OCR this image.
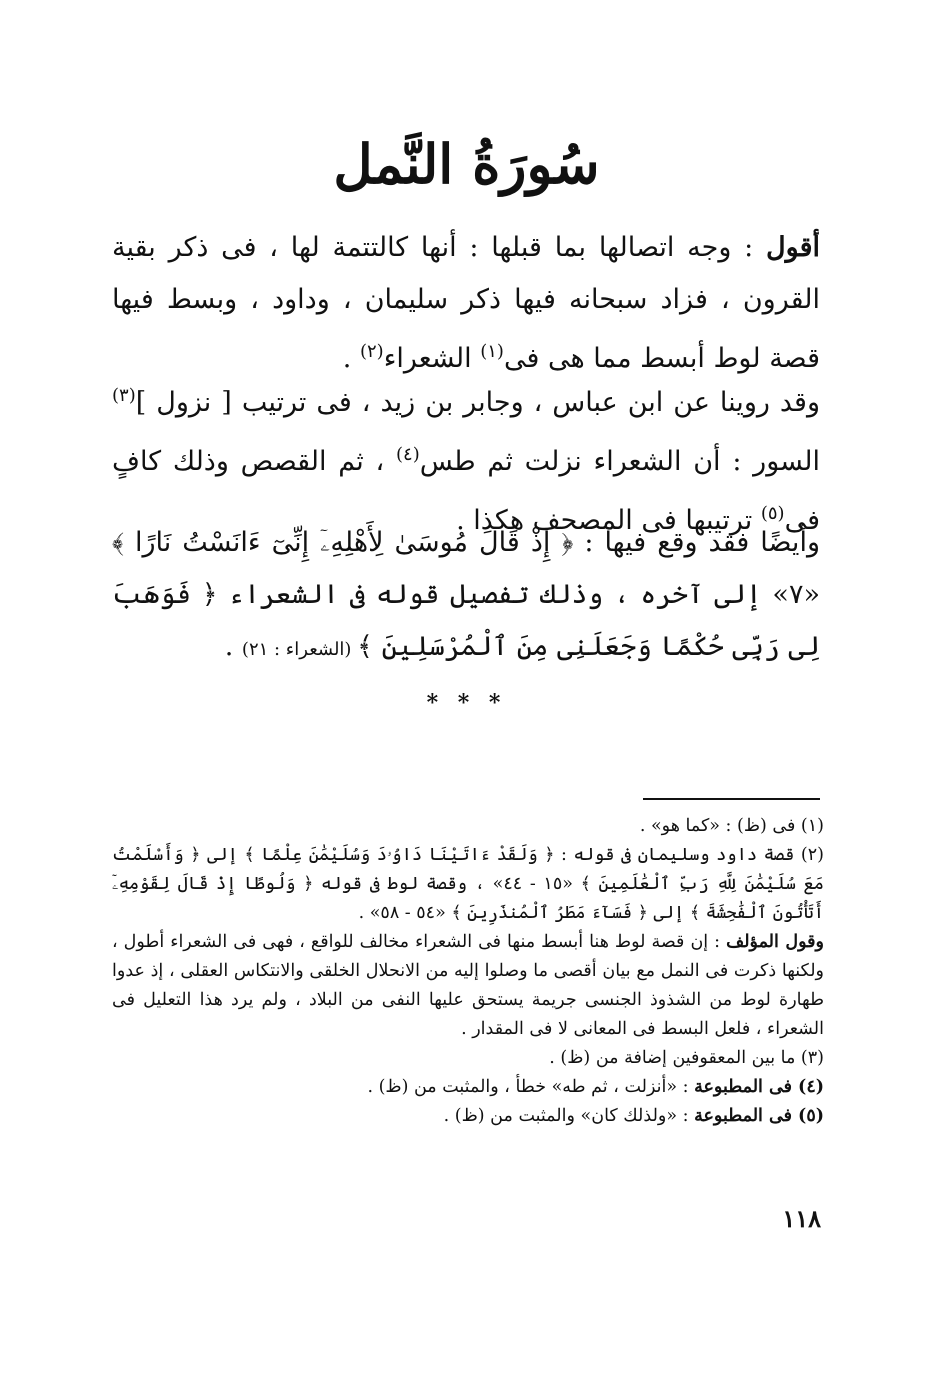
سُورَةُ النَّمل
أقول : وجه اتصالها بما قبلها : أنها كالتتمة لها ، فى ذكر بقية القرون ، فزاد سبحانه فيها ذكر سليمان ، وداود ، وبسط فيها قصة لوط أبسط مما هى فى$^{(١)}$ الشعراء$^{(٢)}$ .
وقد روينا عن ابن عباس ، وجابر بن زيد ، فى ترتيب [ نزول ]$^{(٣)}$ السور : أن الشعراء نزلت ثم طس$^{(٤)}$ ، ثم القصص وذلك كافٍ فى$^{(٥)}$ ترتيبها فى المصحف هكذا .
وأيضًا فقد وقع فيها : ﴿ إِذْ قَالَ مُوسَىٰ لِأَهْلِهِۦٓ إِنِّىٓ ءَانَسْتُ نَارًا ﴾ «٧» إلى آخره ، وذلك تفصيل قوله فى الشعراء ﴿ فَوَهَبَ لِى رَبِّى حُكْمًا وَجَعَلَنِى مِنَ ٱلْمُرْسَلِينَ ﴾ (الشعراء : ٢١) .
* * *

(١) فى (ظ) : «كما هو» .

(٢) قصة داود وسليمان فى قوله : ﴿ وَلَقَدْ ءَاتَيْنَا دَاوُۥدَ وَسُلَيْمَٰنَ عِلْمًا ﴾ إلى ﴿ وَأَسْلَمْتُ مَعَ سُلَيْمَٰنَ لِلَّهِ رَبِّ ٱلْعَٰلَمِينَ ﴾ «١٥ - ٤٤» ، وقصة لوط فى قوله ﴿ وَلُوطًا إِذْ قَالَ لِقَوْمِهِۦٓ أَتَأْتُونَ ٱلْفَٰحِشَةَ ﴾ إلى ﴿ فَسَآءَ مَطَرُ ٱلْمُنذَرِينَ ﴾ «٥٤ - ٥٨» .

وقول المؤلف : إن قصة لوط هنا أبسط منها فى الشعراء مخالف للواقع ، فهى فى الشعراء أطول ، ولكنها ذكرت فى النمل مع بيان أقصى ما وصلوا إليه من الانحلال الخلقى والانتكاس العقلى ، إذ عدوا طهارة لوط من الشذوذ الجنسى جريمة يستحق عليها النفى من البلاد ، ولم يرد هذا التعليل فى الشعراء ، فلعل البسط فى المعانى لا فى المقدار .

(٣) ما بين المعقوفين إضافة من (ظ) .

(٤) فى المطبوعة : «أنزلت ، ثم طه» خطأ ، والمثبت من (ظ) .

(٥) فى المطبوعة : «ولذلك كان» والمثبت من (ظ) .

١١٨
